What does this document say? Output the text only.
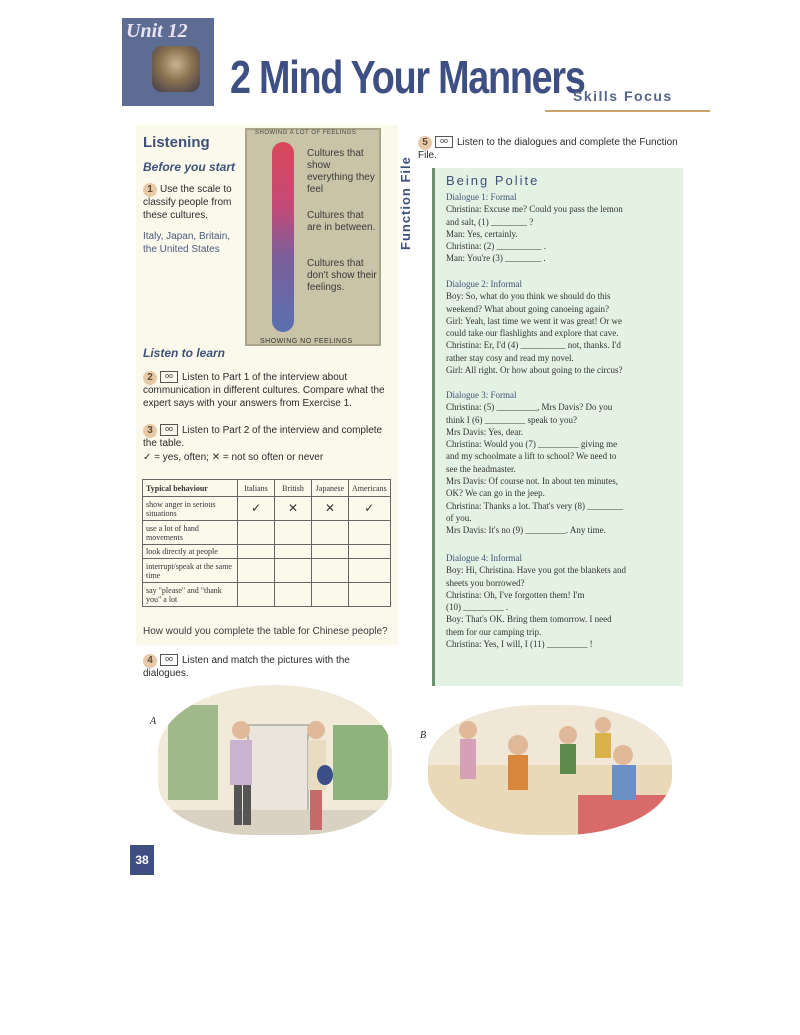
Unit 12
2 Mind Your Manners
Skills Focus
Listening
Before you start
1 Use the scale to classify people from these cultures.
Italy, Japan, Britain, the United States
SHOWING A LOT OF FEELINGS
Cultures that show everything they feel
Cultures that are in between.
Cultures that don't show their feelings.
SHOWING NO FEELINGS
Listen to learn
2 oo Listen to Part 1 of the interview about communication in different cultures. Compare what the expert says with your answers from Exercise 1.
3 oo Listen to Part 2 of the interview and complete the table.
✓ = yes, often; ✕ = not so often or never
Typical behaviour	Italians	British	Japanese	Americans
show anger in serious situations	✓	✕	✕	✓
use a lot of hand movements				
look directly at people				
interrupt/speak at the same time				
say "please" and "thank you" a lot				
How would you complete the table for Chinese people?
4 oo Listen and match the pictures with the dialogues.
A
B
38
5 oo Listen to the dialogues and complete the Function File.
Function File	Being Polite
Dialogue 1: Formal
Christina: Excuse me? Could you pass the lemon
and salt, (1) ________ ?
Man: Yes, certainly.
Christina: (2) __________ .
Man: You're (3) ________ .
Dialogue 2: Informal
Boy: So, what do you think we should do this
weekend? What about going canoeing again?
Girl: Yeah, last time we went it was great! Or we
could take our flashlights and explore that cave.
Christina: Er, I'd (4) __________ not, thanks. I'd
rather stay cosy and read my novel.
Girl: All right. Or how about going to the circus?
Dialogue 3: Formal
Christina: (5) _________, Mrs Davis? Do you
think I (6) _________ speak to you?
Mrs Davis: Yes, dear.
Christina: Would you (7) _________ giving me
and my schoolmate a lift to school? We need to
see the headmaster.
Mrs Davis: Of course not. In about ten minutes,
OK? We can go in the jeep.
Christina: Thanks a lot. That's very (8) ________
of you.
Mrs Davis: It's no (9) _________. Any time.
Dialogue 4: Informal
Boy: Hi, Christina. Have you got the blankets and
sheets you borrowed?
Christina: Oh, I've forgotten them! I'm
(10) _________ .
Boy: That's OK. Bring them tomorrow. I need
them for our camping trip.
Christina: Yes, I will, I (11) _________ !
